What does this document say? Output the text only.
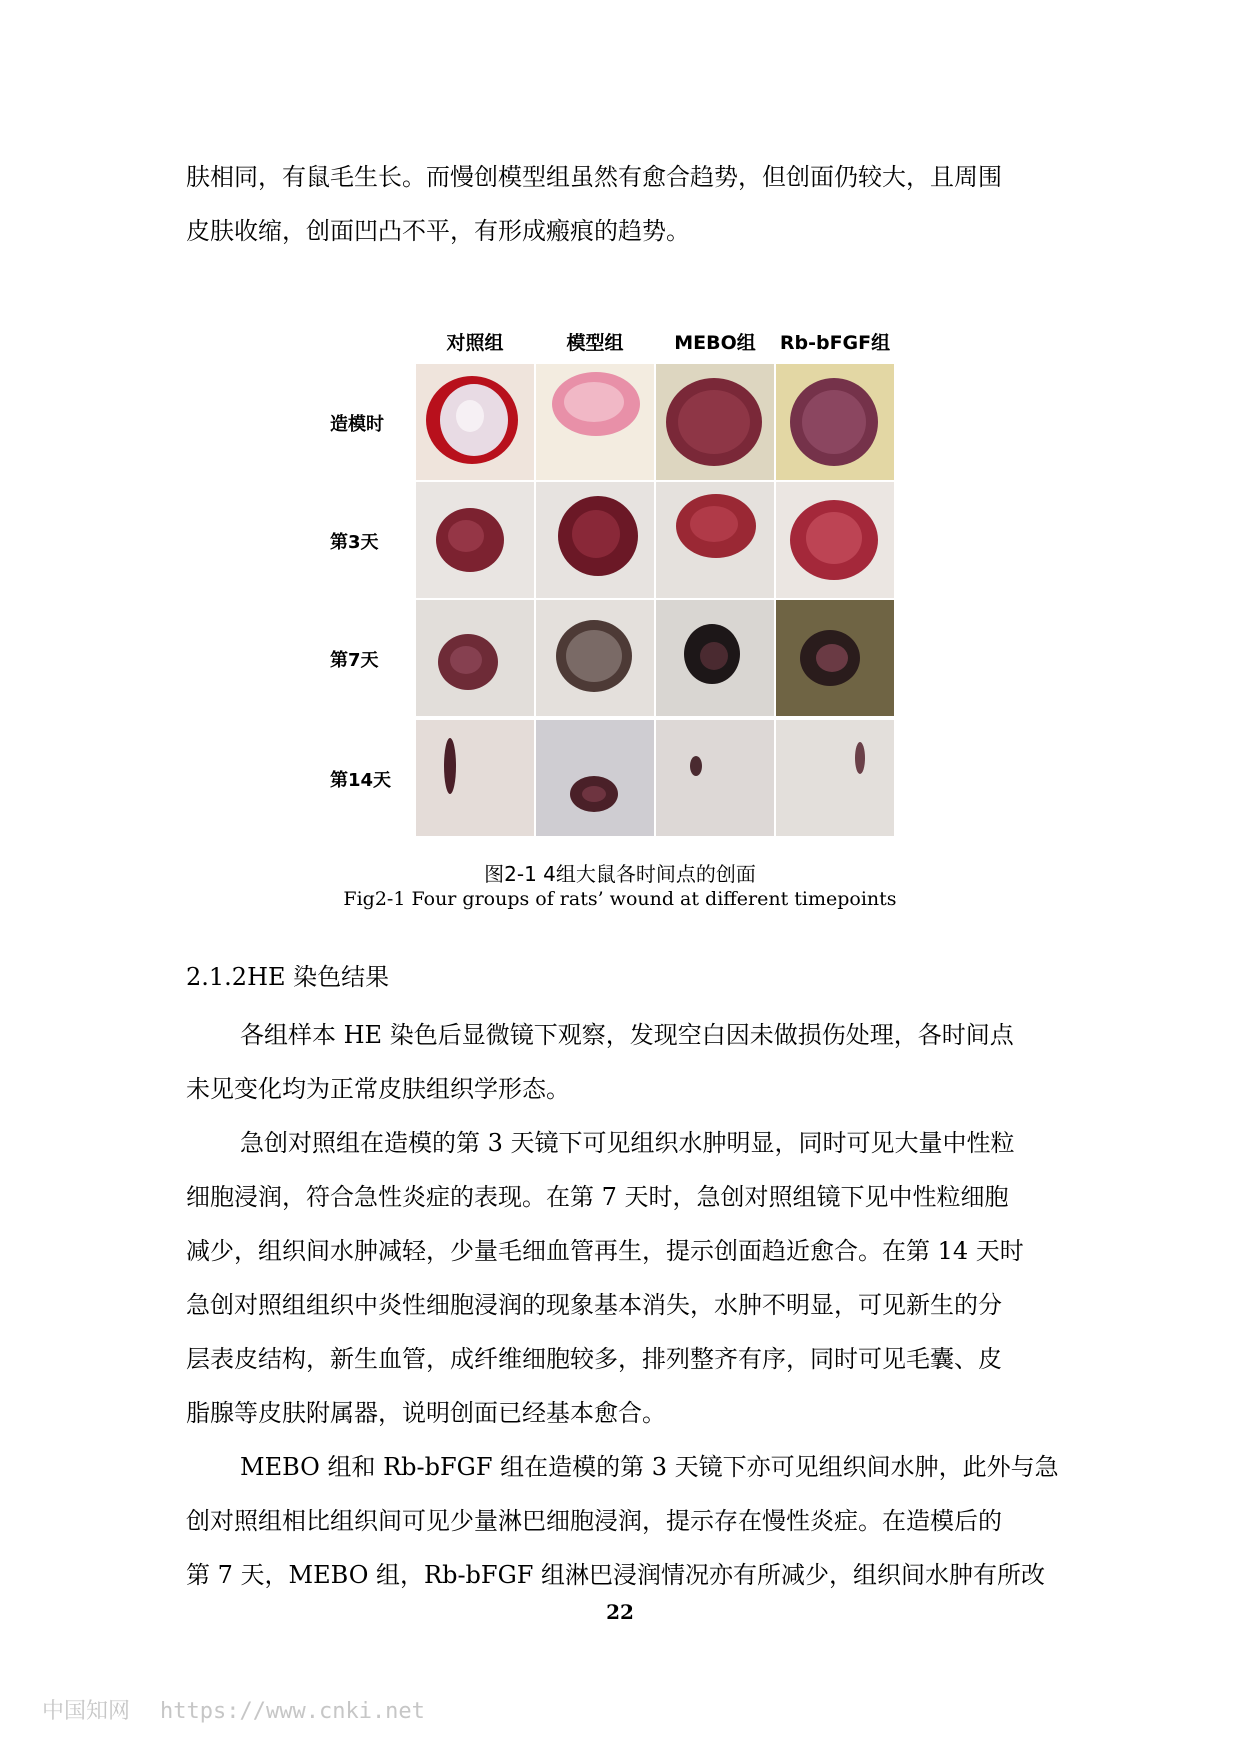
肤相同，有鼠毛生长。而慢创模型组虽然有愈合趋势，但创面仍较大，且周围
皮肤收缩，创面凹凸不平，有形成瘢痕的趋势。

对照组	模型组	MEBO组	Rb-bFGF组
造模时
第3天
第7天
第14天
图2-1 4组大鼠各时间点的创面
Fig2-1 Four groups of rats’ wound at different timepoints
2.1.2HE 染色结果

各组样本 HE 染色后显微镜下观察，发现空白因未做损伤处理，各时间点
未见变化均为正常皮肤组织学形态。

急创对照组在造模的第 3 天镜下可见组织水肿明显，同时可见大量中性粒
细胞浸润，符合急性炎症的表现。在第 7 天时，急创对照组镜下见中性粒细胞
减少，组织间水肿减轻，少量毛细血管再生，提示创面趋近愈合。在第 14 天时
急创对照组组织中炎性细胞浸润的现象基本消失，水肿不明显，可见新生的分
层表皮结构，新生血管，成纤维细胞较多，排列整齐有序，同时可见毛囊、皮
脂腺等皮肤附属器，说明创面已经基本愈合。

MEBO 组和 Rb-bFGF 组在造模的第 3 天镜下亦可见组织间水肿，此外与急
创对照组相比组织间可见少量淋巴细胞浸润，提示存在慢性炎症。在造模后的
第 7 天，MEBO 组，Rb-bFGF 组淋巴浸润情况亦有所减少，组织间水肿有所改

22
中国知网 https://www.cnki.net
